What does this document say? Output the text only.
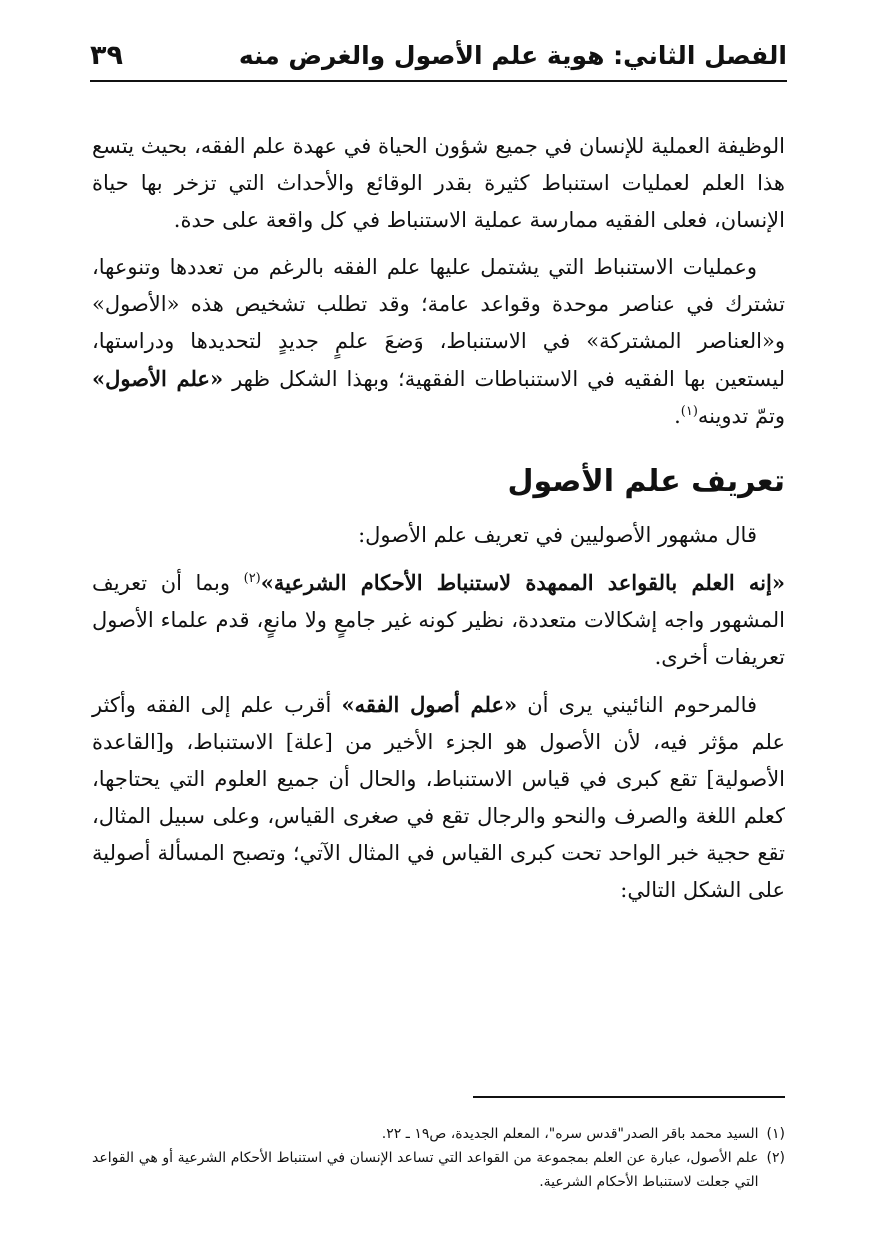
الفصل الثاني: هوية علم الأصول والغرض منه
٣٩

الوظيفة العملية للإنسان في جميع شؤون الحياة في عهدة علم الفقه، بحيث يتسع هذا العلم لعمليات استنباط كثيرة بقدر الوقائع والأحداث التي تزخر بها حياة الإنسان، فعلى الفقيه ممارسة عملية الاستنباط في كل واقعة على حدة.

وعمليات الاستنباط التي يشتمل عليها علم الفقه بالرغم من تعددها وتنوعها، تشترك في عناصر موحدة وقواعد عامة؛ وقد تطلب تشخيص هذه «الأصول» و«العناصر المشتركة» في الاستنباط، وَضعَ علمٍ جديدٍ لتحديدها ودراستها، ليستعين بها الفقيه في الاستنباطات الفقهية؛ وبهذا الشكل ظهر «علم الأصول» وتمّ تدوينه$^{(١)}$.

تعريف علم الأصول

قال مشهور الأصوليين في تعريف علم الأصول:

«إنه العلم بالقواعد الممهدة لاستنباط الأحكام الشرعية»$^{(٢)}$ وبما أن تعريف المشهور واجه إشكالات متعددة، نظير كونه غير جامعٍ ولا مانعٍ، قدم علماء الأصول تعريفات أخرى.

فالمرحوم النائيني يرى أن «علم أصول الفقه» أقرب علم إلى الفقه وأكثر علم مؤثر فيه، لأن الأصول هو الجزء الأخير من [علة] الاستنباط، و[القاعدة الأصولية] تقع كبرى في قياس الاستنباط، والحال أن جميع العلوم التي يحتاجها، كعلم اللغة والصرف والنحو والرجال تقع في صغرى القياس، وعلى سبيل المثال، تقع حجية خبر الواحد تحت كبرى القياس في المثال الآتي؛ وتصبح المسألة أصولية على الشكل التالي:

(١)
السيد محمد باقر الصدر"قدس سره"، المعلم الجديدة، ص١٩ ـ ٢٢.

(٢)
علم الأصول، عبارة عن العلم بمجموعة من القواعد التي تساعد الإنسان في استنباط الأحكام الشرعية أو هي القواعد التي جعلت لاستنباط الأحكام الشرعية.
